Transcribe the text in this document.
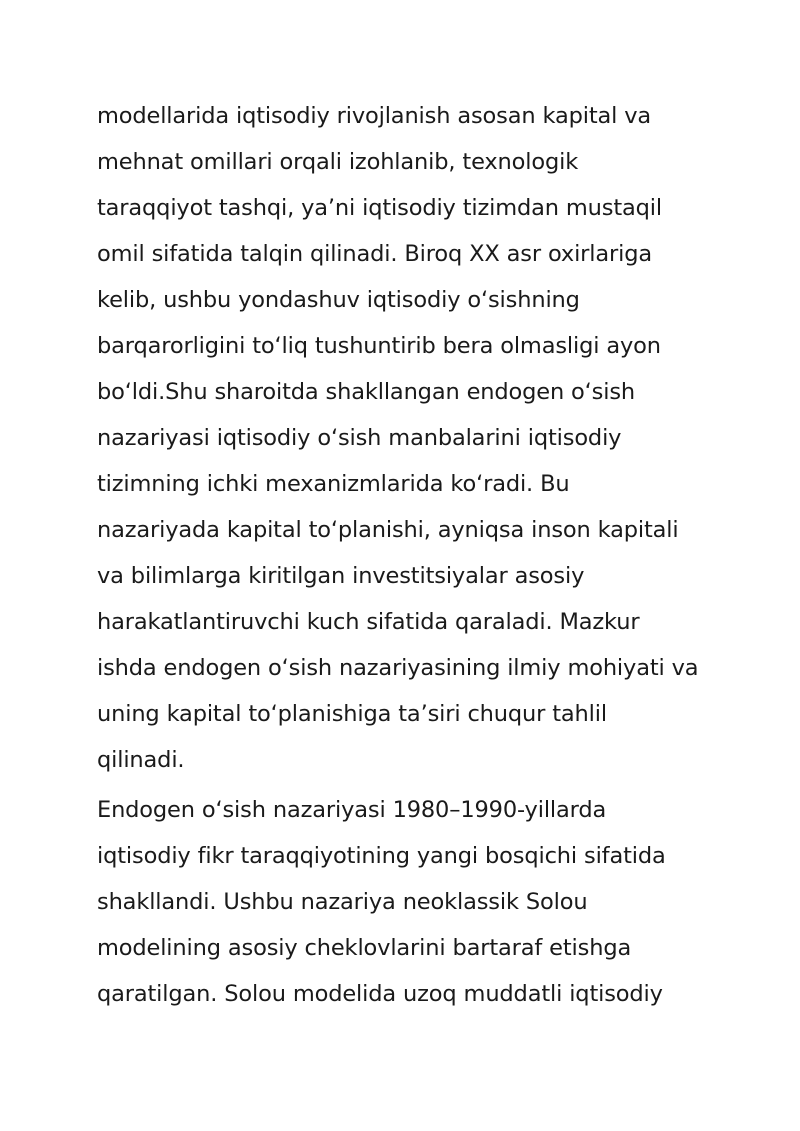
modellarida iqtisodiy rivojlanish asosan kapital va
mehnat omillari orqali izohlanib, texnologik
taraqqiyot tashqi, ya’ni iqtisodiy tizimdan mustaqil
omil sifatida talqin qilinadi. Biroq XX asr oxirlariga
kelib, ushbu yondashuv iqtisodiy o‘sishning
barqarorligini to‘liq tushuntirib bera olmasligi ayon
bo‘ldi.Shu sharoitda shakllangan endogen o‘sish
nazariyasi iqtisodiy o‘sish manbalarini iqtisodiy
tizimning ichki mexanizmlarida ko‘radi. Bu
nazariyada kapital to‘planishi, ayniqsa inson kapitali
va bilimlarga kiritilgan investitsiyalar asosiy
harakatlantiruvchi kuch sifatida qaraladi. Mazkur
ishda endogen o‘sish nazariyasining ilmiy mohiyati va
uning kapital to‘planishiga ta’siri chuqur tahlil
qilinadi.
Endogen o‘sish nazariyasi 1980–1990-yillarda
iqtisodiy fikr taraqqiyotining yangi bosqichi sifatida
shakllandi. Ushbu nazariya neoklassik Solou
modelining asosiy cheklovlarini bartaraf etishga
qaratilgan. Solou modelida uzoq muddatli iqtisodiy
